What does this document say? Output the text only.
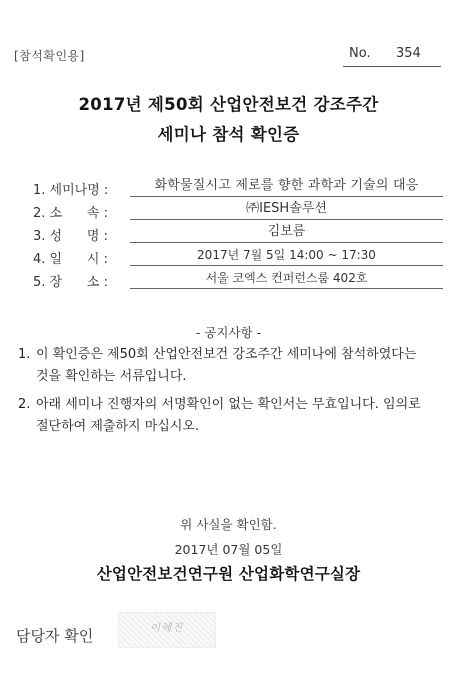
[참석확인용]	No. 354
2017년 제50회 산업안전보건 강조주간
세미나 참석 확인증
1. 세미나명 :	화학물질시고 제로를 향한 과학과 기술의 대응
2. 소      속 :	㈜IESH솔루션
3. 성      명 :	김보름
4. 일      시 :	2017년 7월 5일 14:00 ~ 17:30
5. 장      소 :	서울 코엑스 컨퍼런스룸 402호
- 공지사항 -
1. 이 확인증은 제50회 산업안전보건 강조주간 세미나에 참석하였다는
것을 확인하는 서류입니다.
2. 아래 세미나 진행자의 서명확인이 없는 확인서는 무효입니다. 임의로
절단하여 제출하지 마십시오.
위 사실을 확인함.
2017년 07월 05일
산업안전보건연구원 산업화학연구실장
담당자 확인	이혜진
